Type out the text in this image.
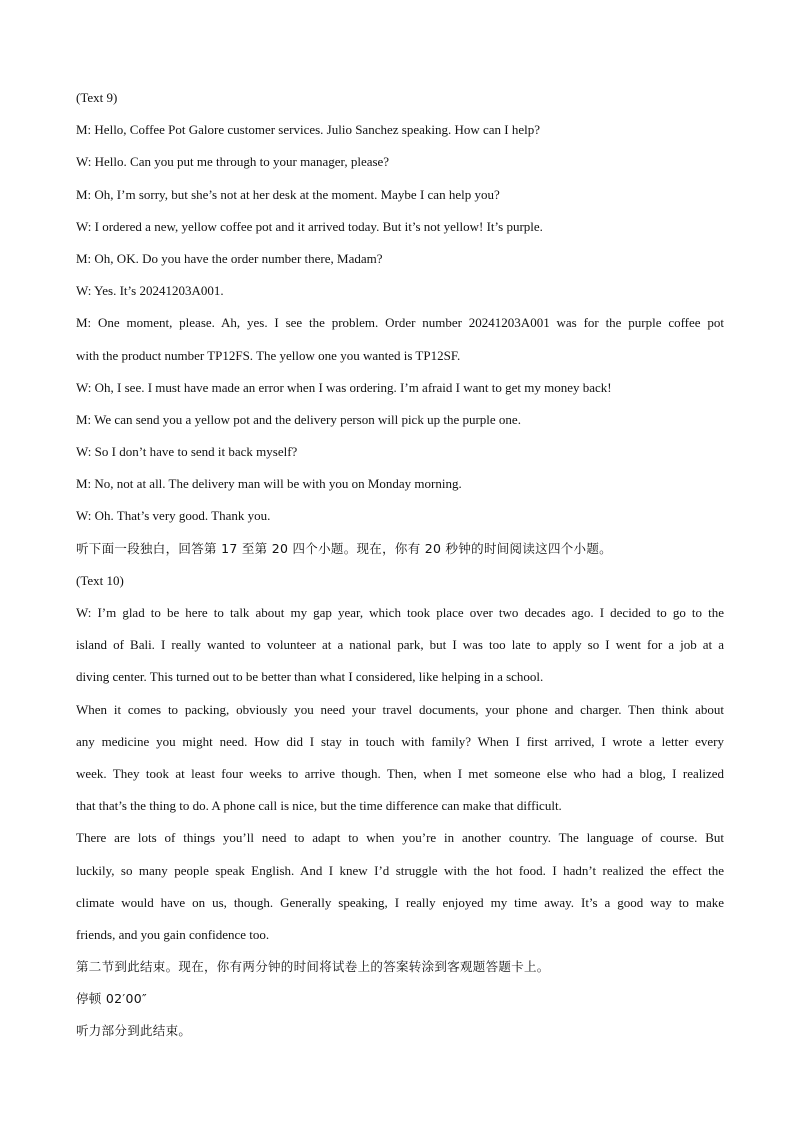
(Text 9)
M: Hello, Coffee Pot Galore customer services. Julio Sanchez speaking. How can I help?
W: Hello. Can you put me through to your manager, please?
M: Oh, I’m sorry, but she’s not at her desk at the moment. Maybe I can help you?
W: I ordered a new, yellow coffee pot and it arrived today. But it’s not yellow! It’s purple.
M: Oh, OK. Do you have the order number there, Madam?
W: Yes. It’s 20241203A001.
M: One moment, please. Ah, yes. I see the problem. Order number 20241203A001 was for the purple coffee pot
with the product number TP12FS. The yellow one you wanted is TP12SF.
W: Oh, I see. I must have made an error when I was ordering. I’m afraid I want to get my money back!
M: We can send you a yellow pot and the delivery person will pick up the purple one.
W: So I don’t have to send it back myself?
M: No, not at all. The delivery man will be with you on Monday morning.
W: Oh. That’s very good. Thank you.
听下面一段独白，回答第 17 至第 20 四个小题。现在，你有 20 秒钟的时间阅读这四个小题。
(Text 10)
W: I’m glad to be here to talk about my gap year, which took place over two decades ago. I decided to go to the
island of Bali. I really wanted to volunteer at a national park, but I was too late to apply so I went for a job at a
diving center. This turned out to be better than what I considered, like helping in a school.
When it comes to packing, obviously you need your travel documents, your phone and charger. Then think about
any medicine you might need. How did I stay in touch with family? When I first arrived, I wrote a letter every
week. They took at least four weeks to arrive though. Then, when I met someone else who had a blog, I realized
that that’s the thing to do. A phone call is nice, but the time difference can make that difficult.
There are lots of things you’ll need to adapt to when you’re in another country. The language of course. But
luckily, so many people speak English. And I knew I’d struggle with the hot food. I hadn’t realized the effect the
climate would have on us, though. Generally speaking, I really enjoyed my time away. It’s a good way to make
friends, and you gain confidence too.
第二节到此结束。现在，你有两分钟的时间将试卷上的答案转涂到客观题答题卡上。
停顿 02′00″
听力部分到此结束。
